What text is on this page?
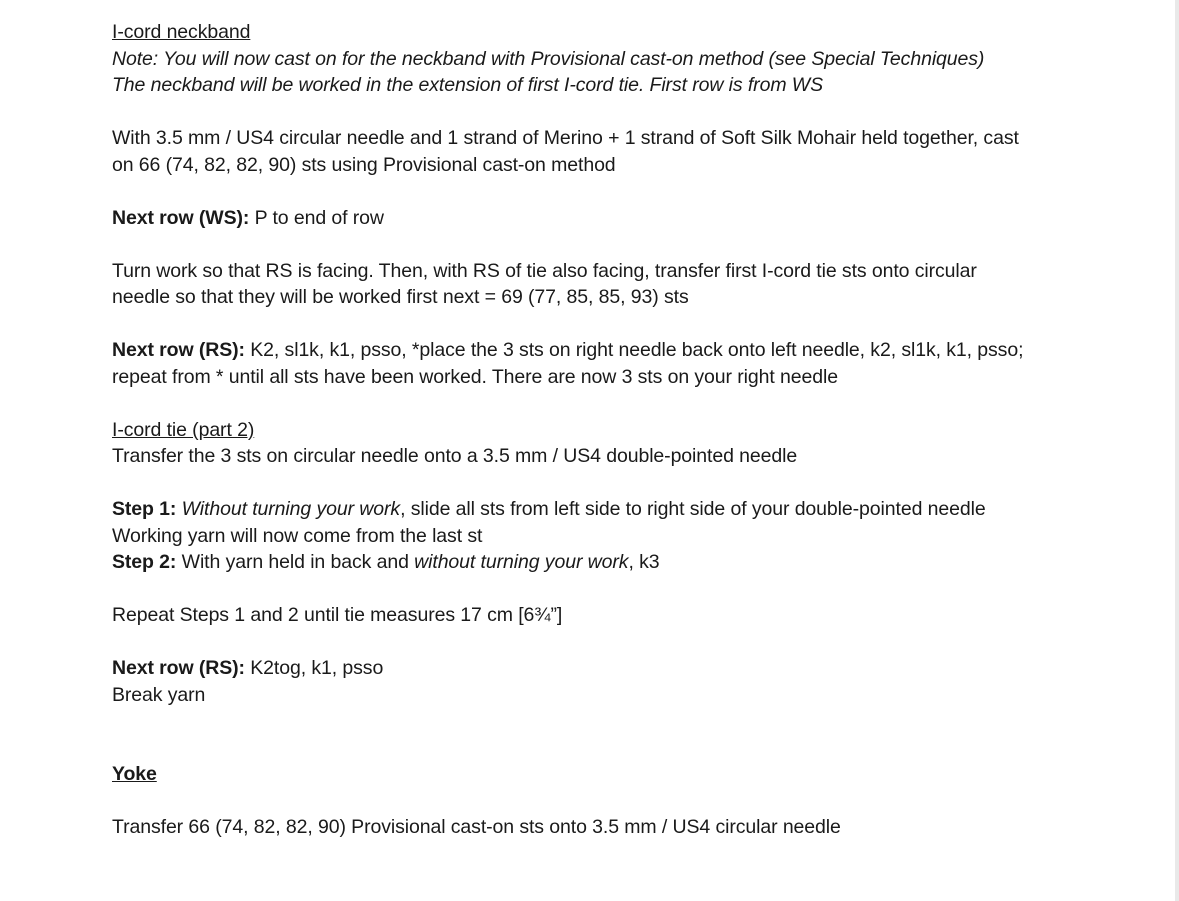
I-cord neckband
Note: You will now cast on for the neckband with Provisional cast-on method (see Special Techniques)
The neckband will be worked in the extension of first I-cord tie. First row is from WS
With 3.5 mm / US4 circular needle and 1 strand of Merino + 1 strand of Soft Silk Mohair held together, cast
on 66 (74, 82, 82, 90) sts using Provisional cast-on method
Next row (WS): P to end of row
Turn work so that RS is facing. Then, with RS of tie also facing, transfer first I-cord tie sts onto circular
needle so that they will be worked first next = 69 (77, 85, 85, 93) sts
Next row (RS): K2, sl1k, k1, psso, *place the 3 sts on right needle back onto left needle, k2, sl1k, k1, psso;
repeat from * until all sts have been worked. There are now 3 sts on your right needle
I-cord tie (part 2)
Transfer the 3 sts on circular needle onto a 3.5 mm / US4 double-pointed needle
Step 1: Without turning your work, slide all sts from left side to right side of your double-pointed needle
Working yarn will now come from the last st
Step 2: With yarn held in back and without turning your work, k3
Repeat Steps 1 and 2 until tie measures 17 cm [6¾”]
Next row (RS): K2tog, k1, psso
Break yarn
Yoke
Transfer 66 (74, 82, 82, 90) Provisional cast-on sts onto 3.5 mm / US4 circular needle
